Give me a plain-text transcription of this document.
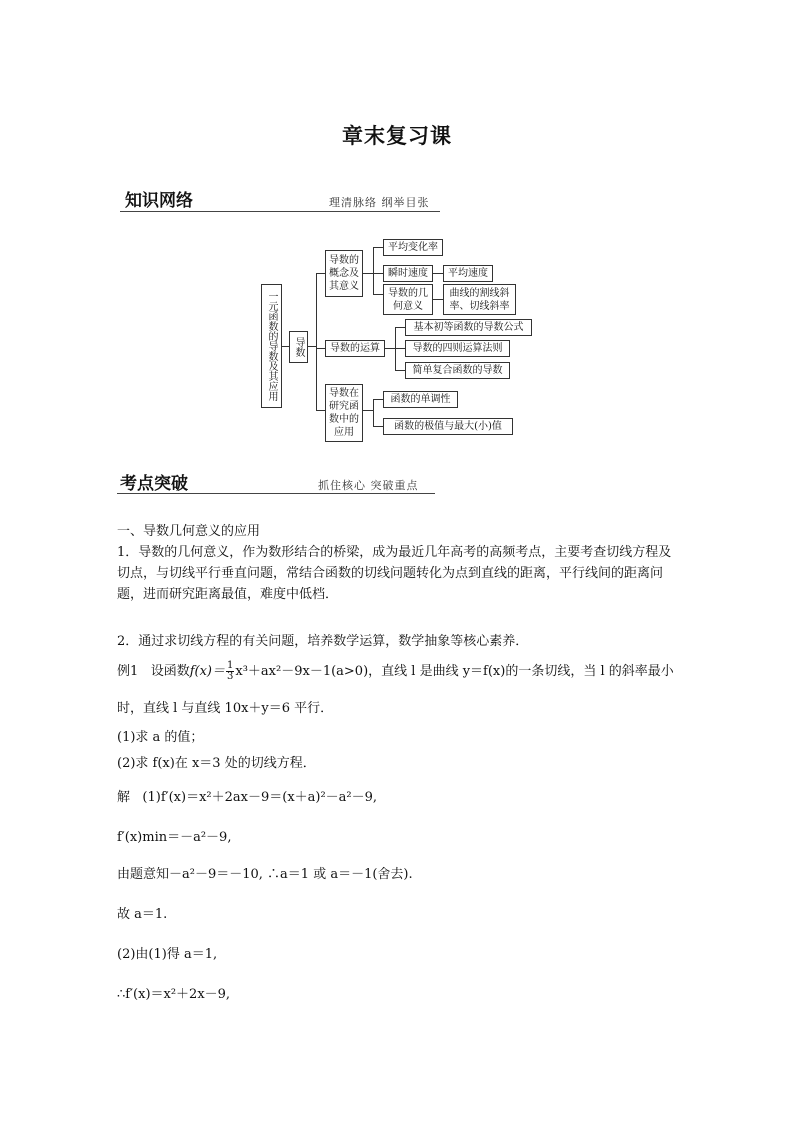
章末复习课
知识网络	理清脉络 纲举目张
一元函数的导数及其应用	导数
导数的概念及其意义
平均变化率
瞬时速度	平均速度
导数的几何意义
曲线的割线斜率、切线斜率
导数的运算
基本初等函数的导数公式
导数的四则运算法则
简单复合函数的导数
导数在研究函数中的应用
函数的单调性
函数的极值与最大(小)值
考点突破	抓住核心 突破重点
一、导数几何意义的应用
1．导数的几何意义，作为数形结合的桥梁，成为最近几年高考的高频考点，主要考查切线方程及切点，与切线平行垂直问题，常结合函数的切线问题转化为点到直线的距离，平行线间的距离问题，进而研究距离最值，难度中低档．
2．通过求切线方程的有关问题，培养数学运算，数学抽象等核心素养．
例1 设函数$f(x)= \frac{1}{3} x^3+ax^2-9x-1(a>0)$，直线 l 是曲线 y＝f(x)的一条切线，当 l 的斜率最小
时，直线 l 与直线 10x＋y＝6 平行．
(1)求 a 的值；
(2)求 f(x)在 x＝3 处的切线方程．
解 (1)f′(x)＝x²＋2ax－9＝(x＋a)²－a²－9,
f′(x)min＝－a²－9,
由题意知－a²－9＝－10, ∴a＝1 或 a＝－1(舍去).
故 a＝1.
(2)由(1)得 a＝1,
∴f′(x)＝x²＋2x－9,
